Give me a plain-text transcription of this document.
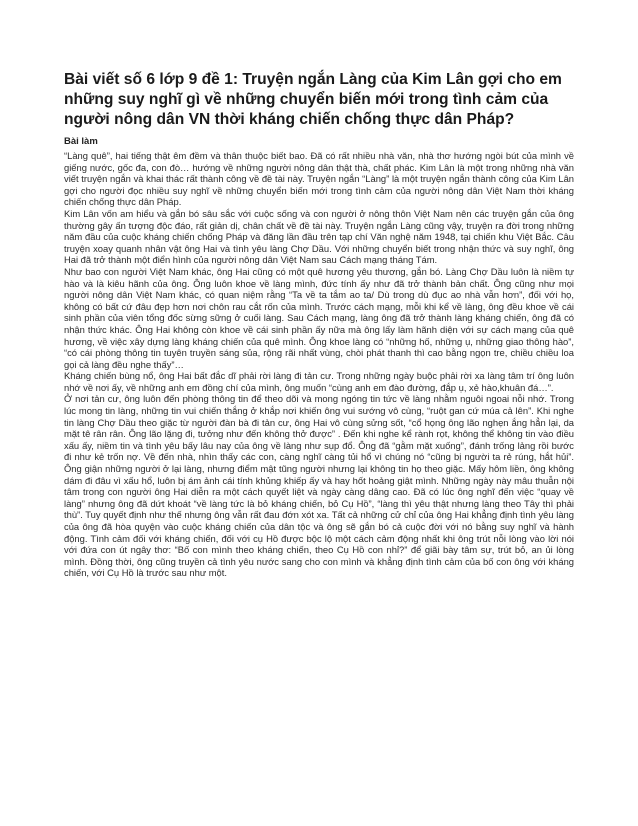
Bài viết số 6 lớp 9 đề 1: Truyện ngắn Làng của Kim Lân gợi cho em những suy nghĩ gì về những chuyển biến mới trong tình cảm của người nông dân VN thời kháng chiến chống thực dân Pháp?
Bài làm

“Làng quê”, hai tiếng thật êm đềm và thân thuộc biết bao. Đã có rất nhiều nhà văn, nhà thơ hướng ngòi bút của mình về giếng nước, gốc đa, con đò… hướng về những người nông dân thật thà, chất phác. Kim Lân là một trong những nhà văn viết truyện ngắn và khai thác rất thành công về đề tài này. Truyện ngắn “Làng” là một truyện ngắn thành công của Kim Lân gợi cho người đọc nhiều suy nghĩ về những chuyển biến mới trong tình cảm của người nông dân Việt Nam thời kháng chiến chống thực dân Pháp.

Kim Lân vốn am hiểu và gắn bó sâu sắc với cuộc sống và con người ở nông thôn Việt Nam nên các truyện gắn của ông thường gây ấn tượng độc đáo, rất giản dị, chân chất về đề tài này. Truyện ngắn Làng cũng vậy, truyện ra đời trong những năm đầu của cuộc kháng chiến chống Pháp và đăng lần đầu trên tạp chí Văn nghệ năm 1948, tại chiến khu Việt Bắc. Câu truyện xoay quanh nhân vật ông Hai và tình yêu làng Chợ Dầu. Với những chuyển biết trong nhận thức và suy nghĩ, ông Hai đã trở thành một điển hình của người nông dân Việt Nam sau Cách mạng tháng Tám.

Như bao con người Việt Nam khác, ông Hai cũng có một quê hương yêu thương, gắn bó. Làng Chợ Dầu luôn là niềm tự hào và là kiêu hãnh của ông. Ông luôn khoe về làng mình, đức tính ấy như đã trở thành bản chất. Ông cũng như mọi người nông dân Việt Nam khác, có quan niệm rằng “Ta về ta tắm ao ta/ Dù trong dù đục ao nhà vẫn hơn”, đối với họ, không có bất cứ đâu đẹp hơn nơi chôn rau cắt rốn của mình. Trước cách mạng, mỗi khi kể về làng, ông đều khoe về cái sinh phần của viên tổng đốc sừng sững ở cuối làng. Sau Cách mạng, làng ông đã trở thành làng kháng chiến, ông đã có nhận thức khác. Ông Hai không còn khoe về cái sinh phần ấy nữa mà ông lấy làm hãnh diện với sự cách mạng của quê hương, về việc xây dựng làng kháng chiến của quê mình. Ông khoe làng có “những hố, những ụ, những giao thông hào”, “có cái phòng thông tin tuyên truyền sáng sủa, rộng rãi nhất vùng, chòi phát thanh thì cao bằng ngọn tre, chiều chiều loa gọi cả làng đều nghe thấy”…

Kháng chiến bùng nổ, ông Hai bất đắc dĩ phải rời làng đi tản cư. Trong những ngày buộc phải rời xa làng tâm trí ông luôn nhớ về nơi ấy, về những anh em đồng chí của mình, ông muốn “cùng anh em đào đường, đắp ụ, xẻ hào,khuân đá…”.

Ở nơi tản cư, ông luôn đến phòng thông tin để theo dõi và mong ngóng tin tức về làng nhằm nguôi ngoai nỗi nhớ. Trong lúc mong tin làng, những tin vui chiến thắng ở khắp nơi khiến ông vui sướng vô cùng, “ruột gan cứ múa cả lên”. Khi nghe tin làng Chợ Dầu theo giặc từ người đàn bà đi tản cư, ông Hai vô cùng sửng sốt, “cổ họng ông lão nghẹn ắng hẳn lại, da mặt tê rân rân. Ông lão lặng đi, tưởng như đến không thở được” . Đến khi nghe kể rành rọt, không thể không tin vào điều xấu ấy, niềm tin và tình yêu bấy lâu nay của ông về làng như sụp đổ. Ông đã “gằm mặt xuống”, đánh trống lảng rồi bước đi như kẻ trốn nợ. Về đến nhà, nhìn thấy các con, càng nghĩ càng tủi hổ vì chúng nó “cũng bị người ta rẻ rúng, hắt hủi”. Ông giận những người ở lại làng, nhưng điểm mật tũng người nhưng lại không tin họ theo giặc. Mấy hôm liền, ông không dám đi đâu vì xấu hổ, luôn bị ám ảnh cái tính khủng khiếp ấy và hay hốt hoảng giật mình. Những ngày này mâu thuẫn nội tâm trong con người ông Hai diễn ra một cách quyết liệt và ngày càng dâng cao. Đã có lúc ông nghĩ đến việc “quay về làng” nhưng ông đã dứt khoát “về làng tức là bỏ kháng chiến, bỏ Cụ Hồ”, “làng thì yêu thật nhưng làng theo Tây thì phải thù”. Tuy quyết định như thế nhưng ông vẫn rất đau đớn xót xa. Tất cả những cử chỉ của ông Hai khẳng định tình yêu làng của ông đã hòa quyện vào cuộc kháng chiến của dân tộc và ông sẽ gắn bó cả cuộc đời với nó bằng suy nghĩ và hành động. Tình cảm đối với kháng chiến, đối với cụ Hồ được bộc lộ một cách cảm động nhất khi ông trút nỗi lòng vào lời nói với đứa con út ngây thơ: “Bố con mình theo kháng chiến, theo Cụ Hồ con nhỉ?” để giãi bày tâm sự, trút bỏ, an ủi lòng mình. Đồng thời, ông cũng truyền cả tình yêu nước sang cho con mình và khẳng định tình cảm của bố con ông với kháng chiến, với Cụ Hồ là trước sau như một.
